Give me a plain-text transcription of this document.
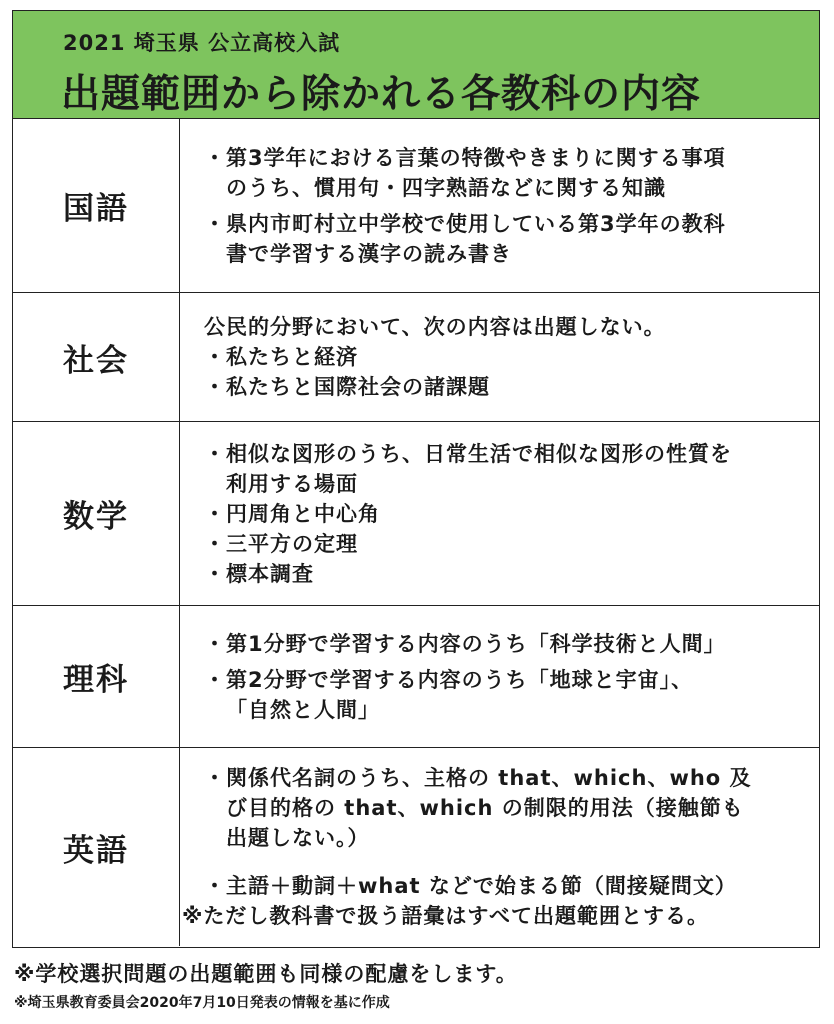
2021 埼玉県 公立高校入試
出題範囲から除かれる各教科の内容
国語
・第3学年における言葉の特徴やきまりに関する事項
のうち、慣用句・四字熟語などに関する知識
・県内市町村立中学校で使用している第3学年の教科
書で学習する漢字の読み書き
社会
公民的分野において、次の内容は出題しない。
・私たちと経済
・私たちと国際社会の諸課題
数学
・相似な図形のうち、日常生活で相似な図形の性質を
利用する場面
・円周角と中心角
・三平方の定理
・標本調査
理科
・第1分野で学習する内容のうち「科学技術と人間」
・第2分野で学習する内容のうち「地球と宇宙」、
「自然と人間」
英語
・関係代名詞のうち、主格の that、which、who 及
び目的格の that、which の制限的用法（接触節も
出題しない。）
・主語＋動詞＋what などで始まる節（間接疑問文）
※ただし教科書で扱う語彙はすべて出題範囲とする。
※学校選択問題の出題範囲も同様の配慮をします。
※埼玉県教育委員会2020年7月10日発表の情報を基に作成
